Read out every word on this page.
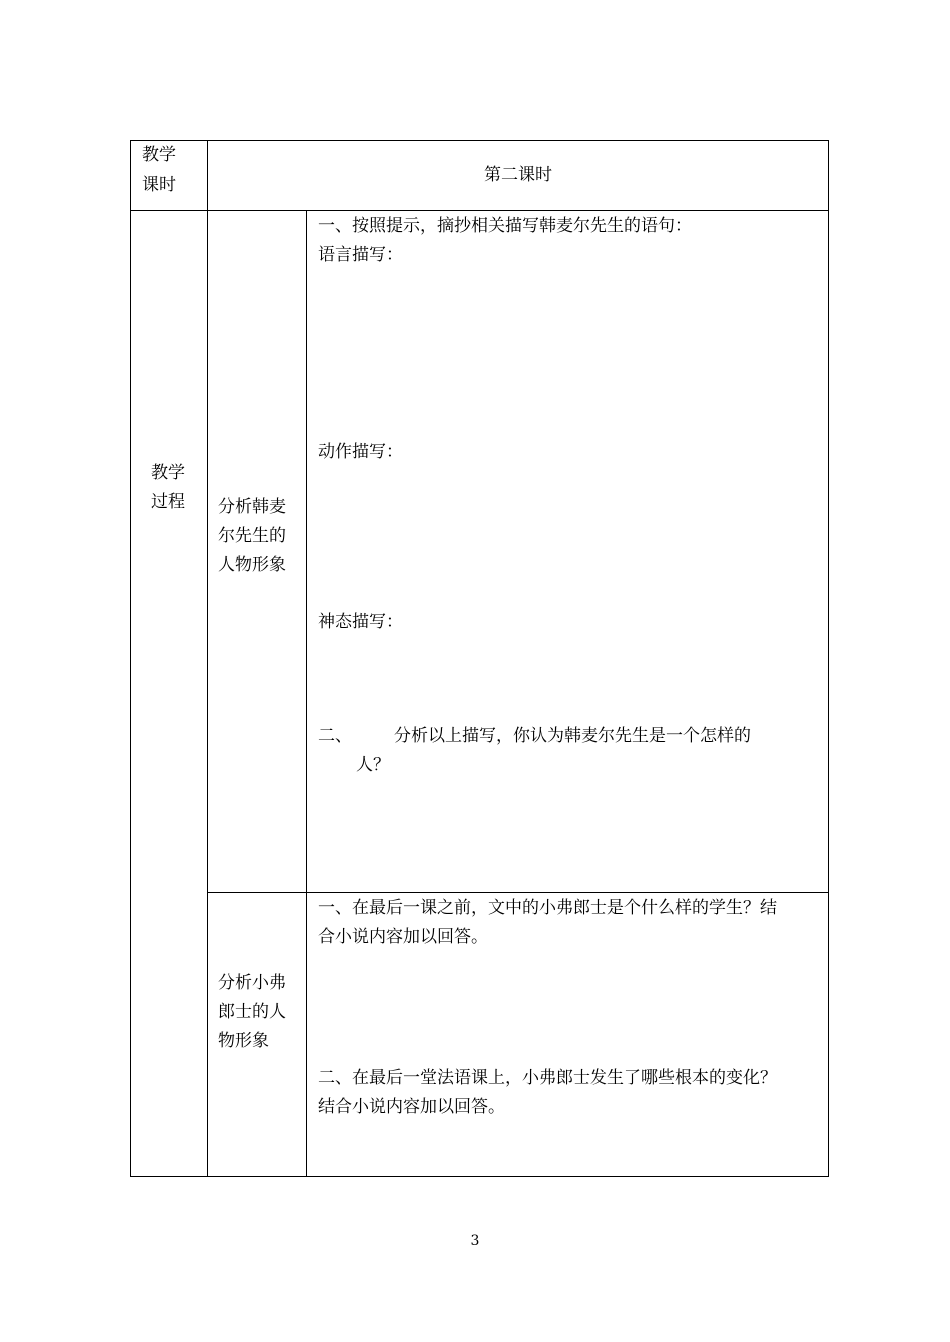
教学
课时	第二课时
教学
过程 分析韩麦
尔先生的
人物形象
一、按照提示，摘抄相关描写韩麦尔先生的语句：
语言描写：
动作描写：
神态描写：
二、 分析以上描写，你认为韩麦尔先生是一个怎样的
人？
分析小弗
郎士的人
物形象
一、在最后一课之前，文中的小弗郎士是个什么样的学生？结
合小说内容加以回答。
二、在最后一堂法语课上，小弗郎士发生了哪些根本的变化？
结合小说内容加以回答。
3
